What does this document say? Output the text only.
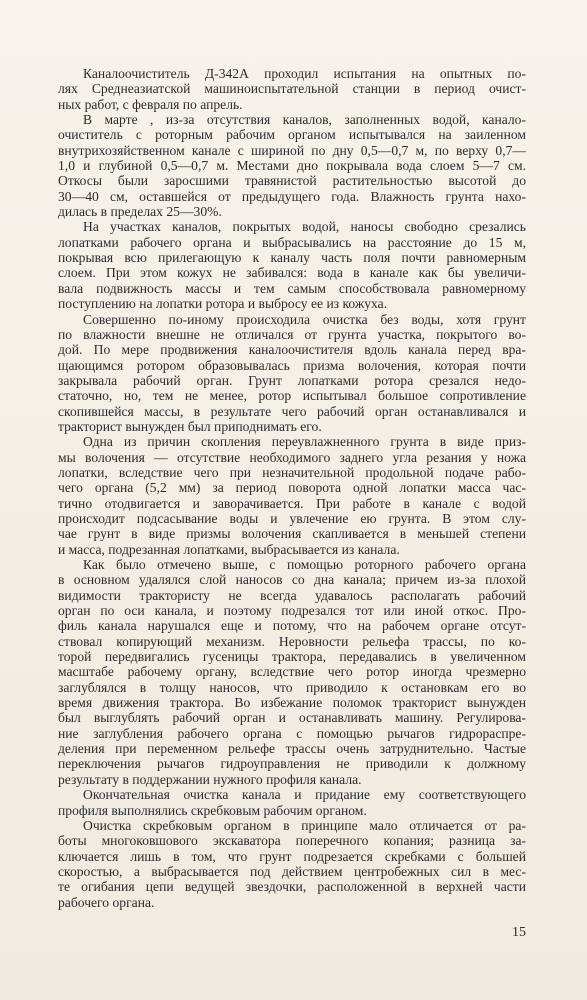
Каналоочиститель Д-342А проходил испытания на опытных по-
лях Среднеазиатской машиноиспытательной станции в период очист-
ных работ, с февраля по апрель.
В марте , из-за отсутствия каналов, заполненных водой, канало-
очиститель с роторным рабочим органом испытывался на заиленном
внутрихозяйственном канале с шириной по дну 0,5—0,7 м, по верху 0,7—
1,0 и глубиной 0,5—0,7 м. Местами дно покрывала вода слоем 5—7 см.
Откосы были заросшими травянистой растительностью высотой до
30—40 см, оставшейся от предыдущего года. Влажность грунта нахо-
дилась в пределах 25—30%.
На участках каналов, покрытых водой, наносы свободно срезались
лопатками рабочего органа и выбрасывались на расстояние до 15 м,
покрывая всю прилегающую к каналу часть поля почти равномерным
слоем. При этом кожух не забивался: вода в канале как бы увеличи-
вала подвижность массы и тем самым способствовала равномерному
поступлению на лопатки ротора и выбросу ее из кожуха.
Совершенно по-иному происходила очистка без воды, хотя грунт
по влажности внешне не отличался от грунта участка, покрытого во-
дой. По мере продвижения каналоочистителя вдоль канала перед вра-
щающимся ротором образовывалась призма волочения, которая почти
закрывала рабочий орган. Грунт лопатками ротора срезался недо-
статочно, но, тем не менее, ротор испытывал большое сопротивление
скопившейся массы, в результате чего рабочий орган останавливался и
тракторист вынужден был приподнимать его.
Одна из причин скопления переувлажненного грунта в виде приз-
мы волочения — отсутствие необходимого заднего угла резания у ножа
лопатки, вследствие чего при незначительной продольной подаче рабо-
чего органа (5,2 мм) за период поворота одной лопатки масса час-
тично отодвигается и заворачивается. При работе в канале с водой
происходит подсасывание воды и увлечение ею грунта. В этом слу-
чае грунт в виде призмы волочения скапливается в меньшей степени
и масса, подрезанная лопатками, выбрасывается из канала.
Как было отмечено выше, с помощью роторного рабочего органа
в основном удалялся слой наносов со дна канала; причем из-за плохой
видимости трактористу не всегда удавалось располагать рабочий
орган по оси канала, и поэтому подрезался тот или иной откос. Про-
филь канала нарушался еще и потому, что на рабочем органе отсут-
ствовал копирующий механизм. Неровности рельефа трассы, по ко-
торой передвигались гусеницы трактора, передавались в увеличенном
масштабе рабочему органу, вследствие чего ротор иногда чрезмерно
заглублялся в толщу наносов, что приводило к остановкам его во
время движения трактора. Во избежание поломок тракторист вынужден
был выглублять рабочий орган и останавливать машину. Регулирова-
ние заглубления рабочего органа с помощью рычагов гидрораспре-
деления при переменном рельефе трассы очень затруднительно. Частые
переключения рычагов гидроуправления не приводили к должному
результату в поддержании нужного профиля канала.
Окончательная очистка канала и придание ему соответствующего
профиля выполнялись скребковым рабочим органом.
Очистка скребковым органом в принципе мало отличается от ра-
боты многоковшового экскаватора поперечного копания; разница за-
ключается лишь в том, что грунт подрезается скребками с большей
скоростью, а выбрасывается под действием центробежных сил в мес-
те огибания цепи ведущей звездочки, расположенной в верхней части
рабочего органа.
15
